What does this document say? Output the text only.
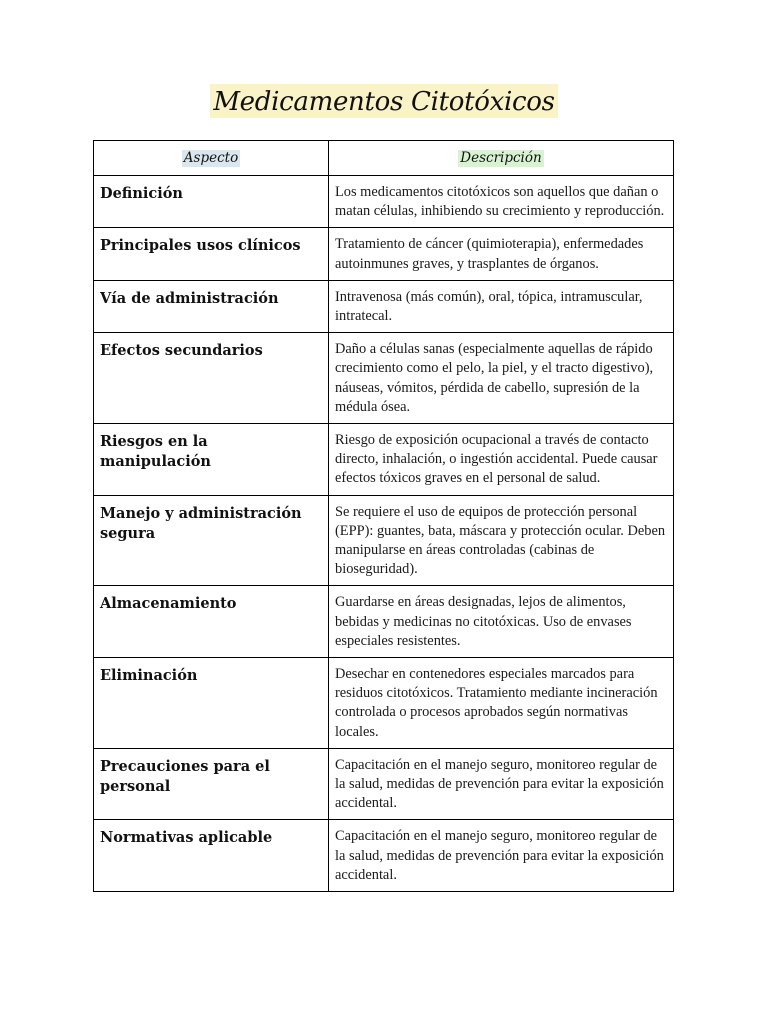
Medicamentos Citotóxicos
Aspecto	Descripción
Definición	Los medicamentos citotóxicos son aquellos que dañan o matan células, inhibiendo su crecimiento y reproducción.
Principales usos clínicos	Tratamiento de cáncer (quimioterapia), enfermedades autoinmunes graves, y trasplantes de órganos.
Vía de administración	Intravenosa (más común), oral, tópica, intramuscular, intratecal.
Efectos secundarios	Daño a células sanas (especialmente aquellas de rápido crecimiento como el pelo, la piel, y el tracto digestivo), náuseas, vómitos, pérdida de cabello, supresión de la médula ósea.
Riesgos en la manipulación	Riesgo de exposición ocupacional a través de contacto directo, inhalación, o ingestión accidental. Puede causar efectos tóxicos graves en el personal de salud.
Manejo y administración segura	Se requiere el uso de equipos de protección personal (EPP): guantes, bata, máscara y protección ocular. Deben manipularse en áreas controladas (cabinas de bioseguridad).
Almacenamiento	Guardarse en áreas designadas, lejos de alimentos, bebidas y medicinas no citotóxicas. Uso de envases especiales resistentes.
Eliminación	Desechar en contenedores especiales marcados para residuos citotóxicos. Tratamiento mediante incineración controlada o procesos aprobados según normativas locales.
Precauciones para el personal	Capacitación en el manejo seguro, monitoreo regular de la salud, medidas de prevención para evitar la exposición accidental.
Normativas aplicable	Capacitación en el manejo seguro, monitoreo regular de la salud, medidas de prevención para evitar la exposición accidental.
